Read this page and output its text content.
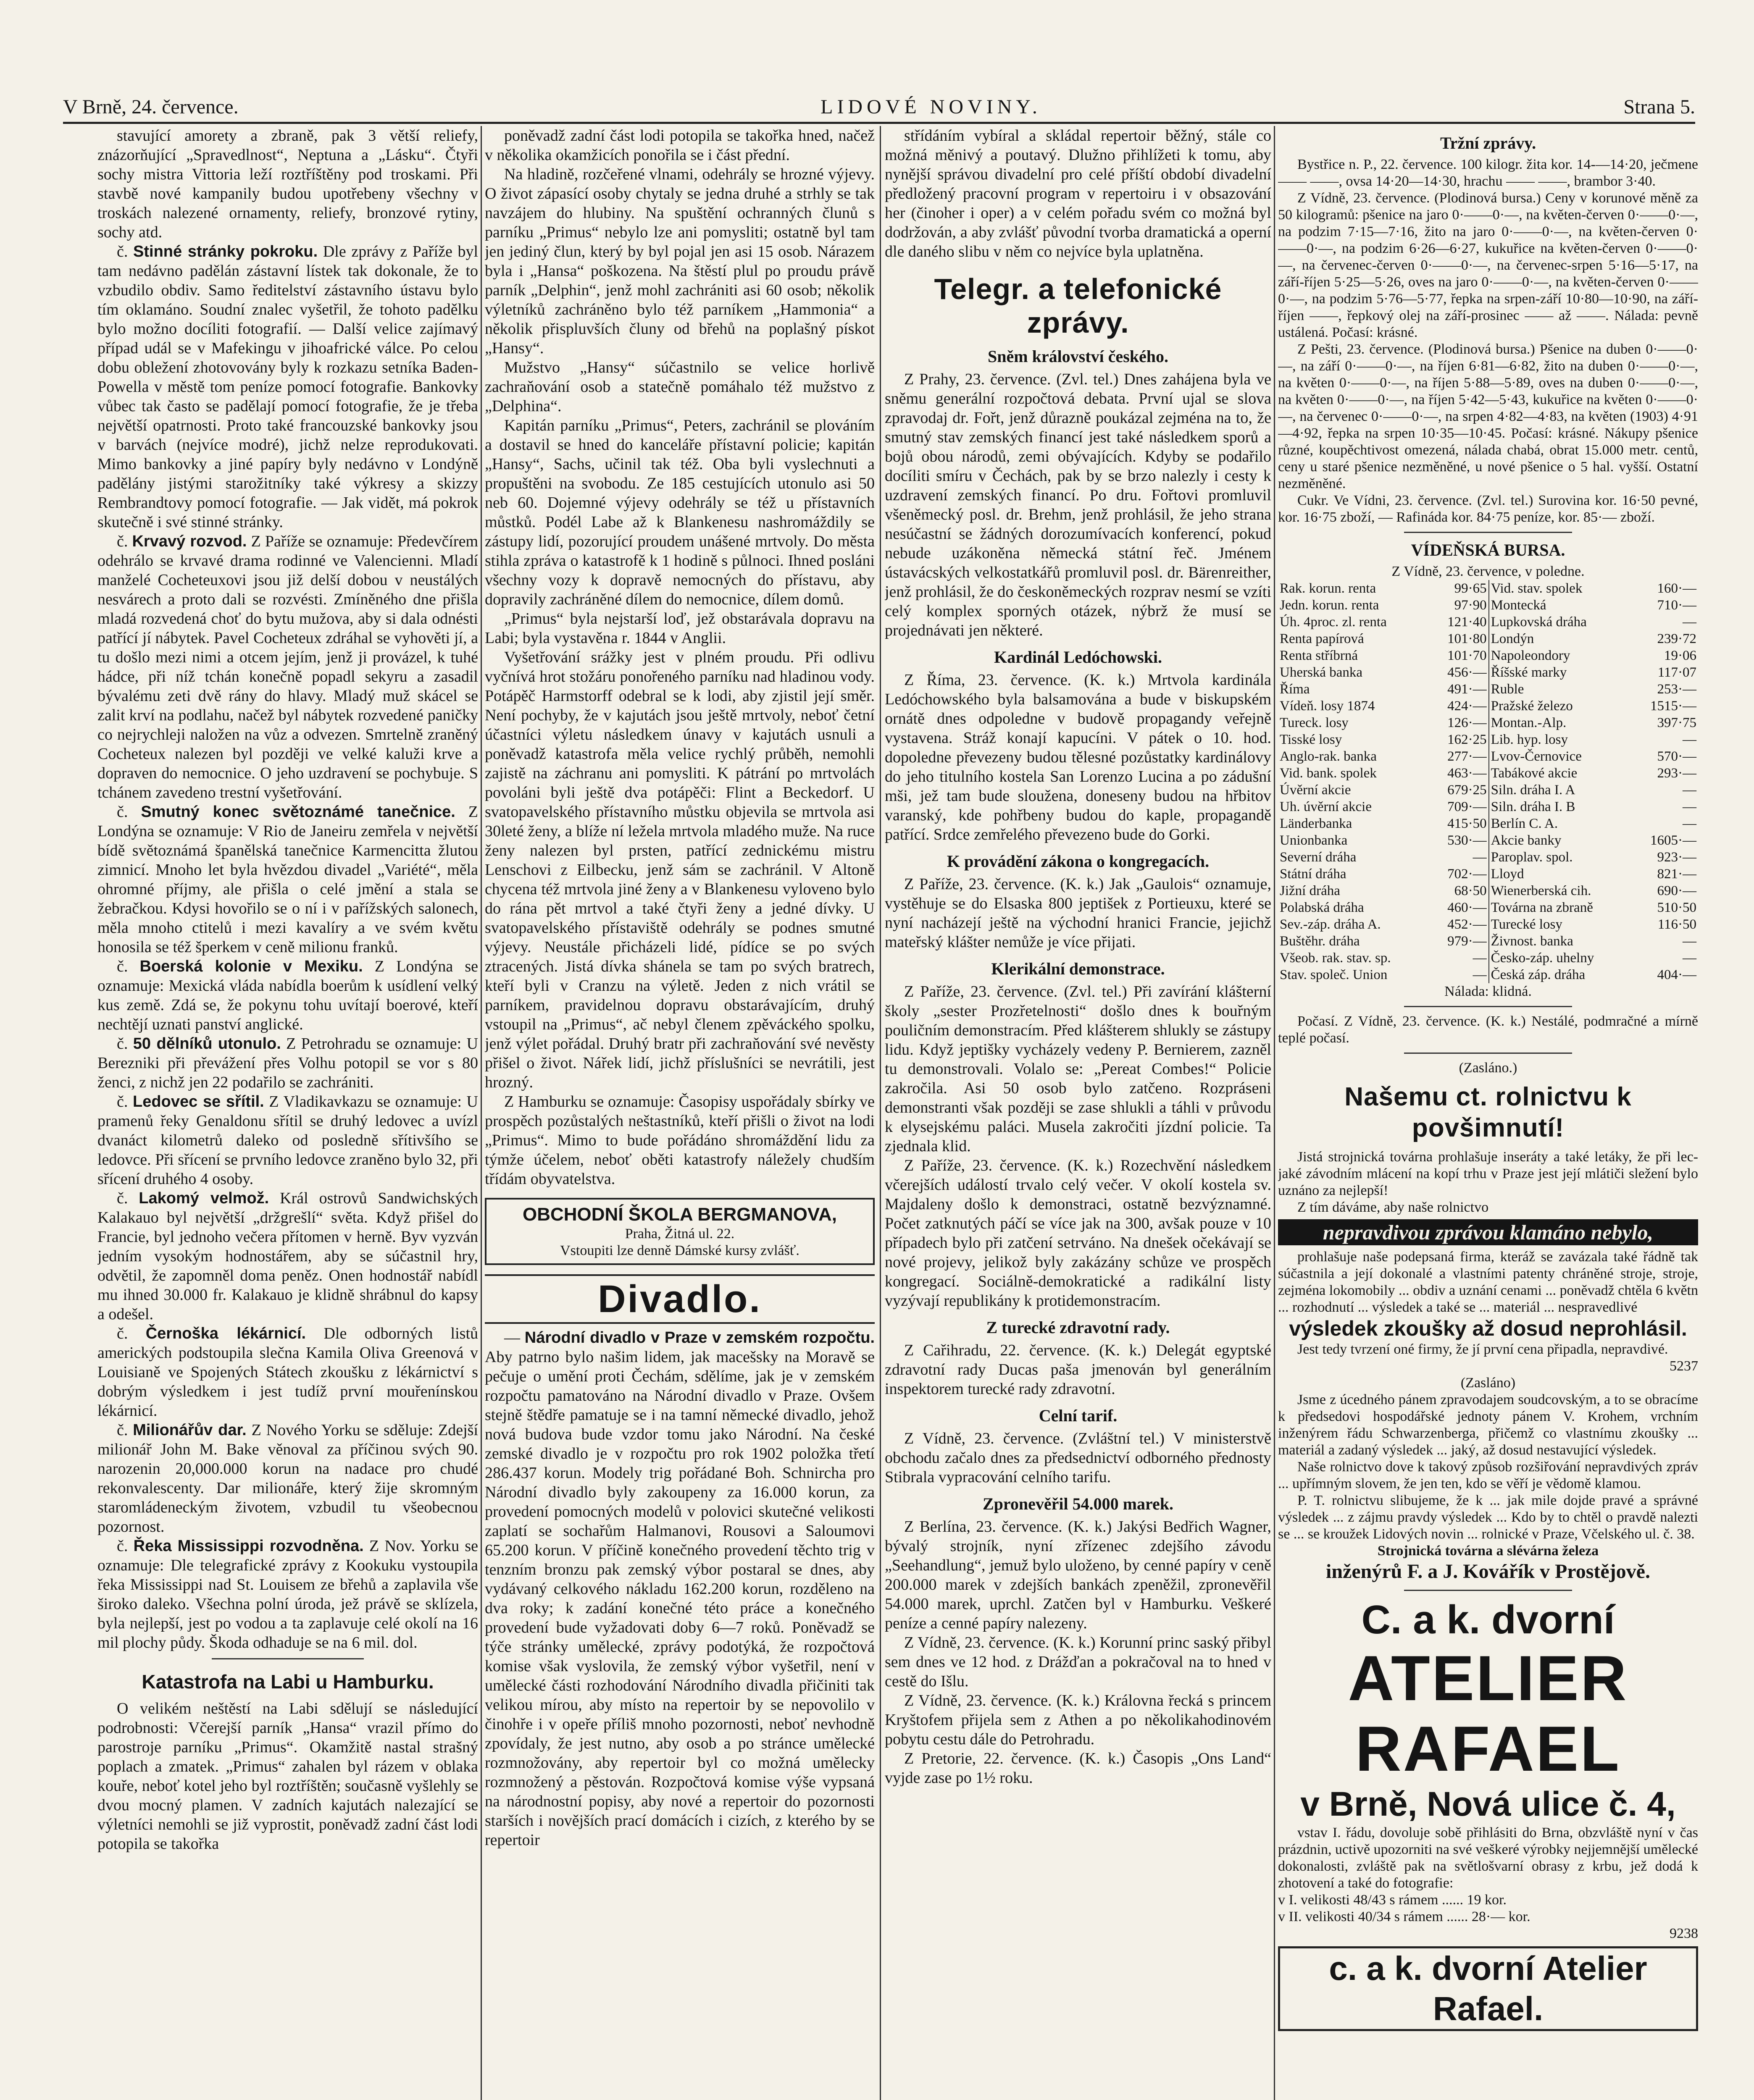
V Brně, 24. července.	LIDOVÉ NOVINY.	Strana 5.

stavující amorety a zbraně, pak 3 větší reliefy, znázorňující „Spravedlnost“, Neptuna a „Lásku“. Čtyři sochy mistra Vittoria leží roztříštěny pod troskami. Při stavbě nové kampanily budou upotřebeny všechny v troskách nalezené ornamenty, reliefy, bronzové rytiny, sochy atd.

č. Stinné stránky pokroku. Dle zprávy z Paříže byl tam nedávno padělán zástavní lístek tak dokonale, že to vzbudilo obdiv. Samo ředitelství zástavního ústavu bylo tím oklamáno. Soudní znalec vyšetřil, že tohoto padělku bylo možno docíliti fotografií. — Další velice zajímavý případ udál se v Mafekingu v jihoafrické válce. Po celou dobu obležení zhotovovány byly k rozkazu setníka Baden-Powella v městě tom peníze pomocí fotografie. Bankovky vůbec tak často se padělají pomocí fotografie, že je třeba největší opatrnosti. Proto také francouzské bankovky jsou v barvách (nejvíce modré), jichž nelze reprodukovati. Mimo bankovky a jiné papíry byly nedávno v Londýně padělány jistými starožitníky také výkresy a skizzy Rembrandtovy pomocí fotografie. — Jak vidět, má pokrok skutečně i své stinné stránky.

č. Krvavý rozvod. Z Paříže se oznamuje: Předevčírem odehrálo se krvavé drama rodinné ve Valencienni. Mladí manželé Cocheteuxovi jsou již delší dobou v neustálých nesvárech a proto dali se rozvésti. Zmíněného dne přišla mladá rozvedená choť do bytu mužova, aby si dala odnésti patřící jí nábytek. Pavel Cocheteux zdráhal se vyhověti jí, a tu došlo mezi nimi a otcem jejím, jenž ji provázel, k tuhé hádce, při níž tchán konečně popadl sekyru a zasadil bývalému zeti dvě rány do hlavy. Mladý muž skácel se zalit krví na podlahu, načež byl nábytek rozvedené paničky co nejrychleji naložen na vůz a odvezen. Smrtelně zraněný Cocheteux nalezen byl později ve velké kaluži krve a dopraven do nemocnice. O jeho uzdravení se pochybuje. S tchánem zavedeno trestní vyšetřování.

č. Smutný konec světoznámé tanečnice. Z Londýna se oznamuje: V Rio de Janeiru zemřela v největší bídě světoznámá španělská tanečnice Karmencitta žlutou zimnicí. Mnoho let byla hvězdou divadel „Variété“, měla ohromné příjmy, ale přišla o celé jmění a stala se žebračkou. Kdysi hovořilo se o ní i v pařížských salonech, měla mnoho ctitelů i mezi kavalíry a ve svém květu honosila se též šperkem v ceně milionu franků.

č. Boerská kolonie v Mexiku. Z Londýna se oznamuje: Mexická vláda nabídla boerům k usídlení velký kus země. Zdá se, že pokynu tohu uvítají boerové, kteří nechtějí uznati panství anglické.

č. 50 dělníků utonulo. Z Petrohradu se oznamuje: U Berezniki při převážení přes Volhu potopil se vor s 80 ženci, z nichž jen 22 podařilo se zachrániti.

č. Ledovec se sřítil. Z Vladikavkazu se oznamuje: U pramenů řeky Genaldonu sřítil se druhý ledovec a uvízl dvanáct kilometrů daleko od posledně sřítivšího se ledovce. Při sřícení se prvního ledovce zraněno bylo 32, při sřícení druhého 4 osoby.

č. Lakomý velmož. Král ostrovů Sandwichských Kalakauo byl největší „držgrešlí“ světa. Když přišel do Francie, byl jednoho večera přítomen v herně. Byv vyzván jedním vysokým hodnostářem, aby se súčastnil hry, odvětil, že zapomněl doma peněz. Onen hodnostář nabídl mu ihned 30.000 fr. Kalakauo je klidně shrábnul do kapsy a odešel.

č. Černoška lékárnicí. Dle odborných listů amerických podstoupila slečna Kamila Oliva Greenová v Louisianě ve Spojených Státech zkoušku z lékárnictví s dobrým výsledkem i jest tudíž první mouřenínskou lékárnicí.

č. Milionářův dar. Z Nového Yorku se sděluje: Zdejší milionář John M. Bake věnoval za příčinou svých 90. narozenin 20,000.000 korun na nadace pro chudé rekonvalescenty. Dar milionáře, který žije skromným staromládeneckým životem, vzbudil tu všeobecnou pozornost.

č. Řeka Mississippi rozvodněna. Z Nov. Yorku se oznamuje: Dle telegrafické zprávy z Kookuku vystoupila řeka Mississippi nad St. Louisem ze břehů a zaplavila vše široko daleko. Všechna polní úroda, jež právě se sklízela, byla nejlepší, jest po vodou a ta zaplavuje celé okolí na 16 mil plochy půdy. Škoda odhaduje se na 6 mil. dol.

Katastrofa na Labi u Hamburku.

O velikém neštěstí na Labi sdělují se následující podrobnosti: Včerejší parník „Hansa“ vrazil přímo do parostroje parníku „Primus“. Okamžitě nastal strašný poplach a zmatek. „Primus“ zahalen byl rázem v oblaka kouře, neboť kotel jeho byl roztříštěn; současně vyšlehly se dvou mocný plamen. V zadních kajutách nalezající se výletníci nemohli se již vyprostit, poněvadž zadní část lodi potopila se takořka

poněvadž zadní část lodi potopila se takořka hned, načež v několika okamžicích ponořila se i část přední.

Na hladině, rozčeřené vlnami, odehrály se hrozné výjevy. O život zápasící osoby chytaly se jedna druhé a strhly se tak navzájem do hlubiny. Na spuštění ochranných člunů s parníku „Primus“ nebylo lze ani pomysliti; ostatně byl tam jen jediný člun, který by byl pojal jen asi 15 osob. Nárazem byla i „Hansa“ poškozena. Na štěstí plul po proudu právě parník „Delphin“, jenž mohl zachrániti asi 60 osob; několik výletníků zachráněno bylo též parníkem „Hammonia“ a několik přispluvších čluny od břehů na poplašný pískot „Hansy“.

Mužstvo „Hansy“ súčastnilo se velice horlivě zachraňování osob a statečně pomáhalo též mužstvo z „Delphina“.

Kapitán parníku „Primus“, Peters, zachránil se plováním a dostavil se hned do kanceláře přístavní policie; kapitán „Hansy“, Sachs, učinil tak též. Oba byli vyslechnuti a propuštěni na svobodu. Ze 185 cestujících utonulo asi 50 neb 60. Dojemné výjevy odehrály se též u přístavních můstků. Podél Labe až k Blankenesu nashromáždily se zástupy lidí, pozorující proudem unášené mrtvoly. Do města stihla zpráva o katastrofě k 1 hodině s půlnoci. Ihned posláni všechny vozy k dopravě nemocných do přístavu, aby dopravily zachráněné dílem do nemocnice, dílem domů.

„Primus“ byla nejstarší loď, jež obstarávala dopravu na Labi; byla vystavěna r. 1844 v Anglii.

Vyšetřování srážky jest v plném proudu. Při odlivu vyčnívá hrot stožáru ponořeného parníku nad hladinou vody. Potápěč Harmstorff odebral se k lodi, aby zjistil její směr. Není pochyby, že v kajutách jsou ještě mrtvoly, neboť četní účastníci výletu následkem únavy v kajutách usnuli a poněvadž katastrofa měla velice rychlý průběh, nemohli zajistě na záchranu ani pomysliti. K pátrání po mrtvolách povoláni byli ještě dva potápěči: Flint a Beckedorf. U svatopavelského přístavního můstku objevila se mrtvola asi 30leté ženy, a blíže ní ležela mrtvola mladého muže. Na ruce ženy nalezen byl prsten, patřící zednickému mistru Lenschovi z Eilbecku, jenž sám se zachránil. V Altoně chycena též mrtvola jiné ženy a v Blankenesu vyloveno bylo do rána pět mrtvol a také čtyři ženy a jedné dívky. U svatopavelského přístaviště odehrály se podnes smutné výjevy. Neustále přicházeli lidé, pídíce se po svých ztracených. Jistá dívka shánela se tam po svých bratrech, kteří byli v Cranzu na výletě. Jeden z nich vrátil se parníkem, pravidelnou dopravu obstarávajícím, druhý vstoupil na „Primus“, ač nebyl členem zpěváckého spolku, jenž výlet pořádal. Druhý bratr při zachraňování své nevěsty přišel o život. Nářek lidí, jichž příslušníci se nevrátili, jest hrozný.

Z Hamburku se oznamuje: Časopisy uspořádaly sbírky ve prospěch pozůstalých neštastníků, kteří přišli o život na lodi „Primus“. Mimo to bude pořádáno shromáždění lidu za týmže účelem, neboť oběti katastrofy náležely chudším třídám obyvatelstva.

OBCHODNÍ ŠKOLA BERGMANOVA,
Praha, Žitná ul. 22.
Vstoupiti lze denně Dámské kursy zvlášť.
Divadlo.

— Národní divadlo v Praze v zemském rozpočtu. Aby patrno bylo našim lidem, jak macešsky na Moravě se pečuje o umění proti Čechám, sdělíme, jak je v zemském rozpočtu pamatováno na Národní divadlo v Praze. Ovšem stejně štědře pamatuje se i na tamní německé divadlo, jehož nová budova bude vzdor tomu jako Národní. Na české zemské divadlo je v rozpočtu pro rok 1902 položka třetí 286.437 korun. Modely trig pořádané Boh. Schnircha pro Národní divadlo byly zakoupeny za 16.000 korun, za provedení pomocných modelů v polovici skutečné velikosti zaplatí se sochařům Halmanovi, Rousovi a Saloumovi 65.200 korun. V příčině konečného provedení těchto trig v tenzním bronzu pak zemský výbor postaral se dnes, aby vydávaný celkového nákladu 162.200 korun, rozděleno na dva roky; k zadání konečné této práce a konečného provedení bude vyžadovati doby 6—7 roků. Poněvadž se týče stránky umělecké, zprávy podotýká, že rozpočtová komise však vyslovila, že zemský výbor vyšetřil, není v umělecké části rozhodování Národního divadla přičiniti tak velikou mírou, aby místo na repertoir by se nepovolilo v činohře i v opeře příliš mnoho pozornosti, neboť nevhodně zpovídaly, že jest nutno, aby osob a po stránce umělecké rozmnožovány, aby repertoir byl co možná umělecky rozmnožený a pěstován. Rozpočtová komise výše vypsaná na národnostní popisy, aby nové a repertoir do pozornosti starších i novějších prací domácích i cizích, z kterého by se repertoir

střídáním vybíral a skládal repertoir běžný, stále co možná měnivý a poutavý. Dlužno přihlížeti k tomu, aby nynější správou divadelní pro celé příští období divadelní předložený pracovní program v repertoiru i v obsazování her (činoher i oper) a v celém pořadu svém co možná byl dodržován, a aby zvlášť původní tvorba dramatická a operní dle daného slibu v něm co nejvíce byla uplatněna.

Telegr. a telefonické zprávy.
Sněm království českého.

Z Prahy, 23. července. (Zvl. tel.) Dnes zahájena byla ve sněmu generální rozpočtová debata. První ujal se slova zpravodaj dr. Fořt, jenž důrazně poukázal zejména na to, že smutný stav zemských financí jest také následkem sporů a bojů obou národů, zemi obývajících. Kdyby se podařilo docíliti smíru v Čechách, pak by se brzo nalezly i cesty k uzdravení zemských financí. Po dru. Fořtovi promluvil všeněmecký posl. dr. Brehm, jenž prohlásil, že jeho strana nesúčastní se žádných dorozumívacích konferencí, pokud nebude uzákoněna německá státní řeč. Jménem ústavácských velkostatkářů promluvil posl. dr. Bärenreither, jenž prohlásil, že do českoněmeckých rozprav nesmí se vzíti celý komplex sporných otázek, nýbrž že musí se projednávati jen některé.

Kardinál Ledóchowski.

Z Říma, 23. července. (K. k.) Mrtvola kardinála Ledóchowského byla balsamována a bude v biskupském ornátě dnes odpoledne v budově propagandy veřejně vystavena. Stráž konají kapucíni. V pátek o 10. hod. dopoledne převezeny budou tělesné pozůstatky kardinálovy do jeho titulního kostela San Lorenzo Lucina a po zádušní mši, jež tam bude sloužena, doneseny budou na hřbitov varanský, kde pohřbeny budou do kaple, propagandě patřící. Srdce zemřelého převezeno bude do Gorki.

K provádění zákona o kongregacích.

Z Paříže, 23. července. (K. k.) Jak „Gaulois“ oznamuje, vystěhuje se do Elsaska 800 jeptišek z Portieuxu, které se nyní nacházejí ještě na východní hranici Francie, jejichž mateřský klášter nemůže je více přijati.

Klerikální demonstrace.

Z Paříže, 23. července. (Zvl. tel.) Při zavírání klášterní školy „sester Prozřetelnosti“ došlo dnes k bouřným pouličním demonstracím. Před klášterem shlukly se zástupy lidu. Když jeptišky vycházely vedeny P. Bernierem, zazněl tu demonstrovali. Volalo se: „Pereat Combes!“ Policie zakročila. Asi 50 osob bylo zatčeno. Rozpráseni demonstranti však později se zase shlukli a táhli v průvodu k elysejskému paláci. Musela zakročiti jízdní policie. Ta zjednala klid.

Z Paříže, 23. července. (K. k.) Rozechvění následkem včerejších událostí trvalo celý večer. V okolí kostela sv. Majdaleny došlo k demonstraci, ostatně bezvýznamné. Počet zatknutých páčí se více jak na 300, avšak pouze v 10 případech bylo při zatčení setrváno. Na dnešek očekávají se nové projevy, jelikož byly zakázány schůze ve prospěch kongregací. Sociálně-demokratické a radikální listy vyzývají republikány k protidemonstracím.

Z turecké zdravotní rady.

Z Cařihradu, 22. července. (K. k.) Delegát egyptské zdravotní rady Ducas paša jmenován byl generálním inspektorem turecké rady zdravotní.

Celní tarif.

Z Vídně, 23. července. (Zvláštní tel.) V ministerstvě obchodu začalo dnes za předsednictví odborného přednosty Stibrala vypracování celního tarifu.

Zpronevěřil 54.000 marek.

Z Berlína, 23. července. (K. k.) Jakýsi Bedřich Wagner, bývalý strojník, nyní zřízenec zdejšího závodu „Seehandlung“, jemuž bylo uloženo, by cenné papíry v ceně 200.000 marek v zdejších bankách zpeněžil, zpronevěřil 54.000 marek, uprchl. Zatčen byl v Hamburku. Veškeré peníze a cenné papíry nalezeny.

Z Vídně, 23. července. (K. k.) Korunní princ saský přibyl sem dnes ve 12 hod. z Drážďan a pokračoval na to hned v cestě do Išlu.

Z Vídně, 23. července. (K. k.) Královna řecká s princem Kryštofem přijela sem z Athen a po několikahodinovém pobytu cestu dále do Petrohradu.

Z Pretorie, 22. července. (K. k.) Časopis „Ons Land“ vyjde zase po 1½ roku.

Tržní zprávy.

Bystřice n. P., 22. července. 100 kilogr. žita kor. 14-—14·20, ječmene —— ——, ovsa 14·20—14·30, hrachu —— ——, brambor 3·40.

Z Vídně, 23. července. (Plodinová bursa.) Ceny v korunové měně za 50 kilogramů: pšenice na jaro 0·——0·—, na květen-červen 0·——0·—, na podzim 7·15—7·16, žito na jaro 0·——0·—, na květen-červen 0·——0·—, na podzim 6·26—6·27, kukuřice na květen-červen 0·——0·—, na červenec-červen 0·——0·—, na červenec-srpen 5·16—5·17, na září-říjen 5·25—5·26, oves na jaro 0·——0·—, na květen-červen 0·——0·—, na podzim 5·76—5·77, řepka na srpen-září 10·80—10·90, na září-říjen ——, řepkový olej na září-prosinec —— až ——. Nálada: pevně ustálená. Počasí: krásné.

Z Pešti, 23. července. (Plodinová bursa.) Pšenice na duben 0·——0·—, na září 0·——0·—, na říjen 6·81—6·82, žito na duben 0·——0·—, na květen 0·——0·—, na říjen 5·88—5·89, oves na duben 0·——0·—, na květen 0·——0·—, na říjen 5·42—5·43, kukuřice na květen 0·——0·—, na červenec 0·——0·—, na srpen 4·82—4·83, na květen (1903) 4·91—4·92, řepka na srpen 10·35—10·45. Počasí: krásné. Nákupy pšenice různé, koupěchtivost omezená, nálada chabá, obrat 15.000 metr. centů, ceny u staré pšenice nezměněné, u nové pšenice o 5 hal. vyšší. Ostatní nezměněné.

Cukr. Ve Vídni, 23. července. (Zvl. tel.) Surovina kor. 16·50 pevné, kor. 16·75 zboží, — Rafináda kor. 84·75 peníze, kor. 85·— zboží.

VÍDEŇSKÁ BURSA.
Z Vídně, 23. července, v poledne.
Rak. korun. renta	99·65	Vid. stav. spolek	160·—
Jedn. korun. renta	97·90	Montecká	710·—
Úh. 4proc. zl. renta	121·40	Lupkovská dráha	—
Renta papírová	101·80	Londýn	239·72
Renta stříbrná	101·70	Napoleondory	19·06
Uherská banka	456·—	Říšské marky	117·07
Říma	491·—	Ruble	253·—
Vídeň. losy 1874	424·—	Pražské železo	1515·—
Tureck. losy	126·—	Montan.-Alp.	397·75
Tisské losy	162·25	Lib. hyp. losy	—
Anglo-rak. banka	277·—	Lvov-Černovice	570·—
Vid. bank. spolek	463·—	Tabákové akcie	293·—
Úvěrní akcie	679·25	Siln. dráha I. A	—
Uh. úvěrní akcie	709·—	Siln. dráha I. B	—
Länderbanka	415·50	Berlín C. A.	—
Unionbanka	530·—	Akcie banky	1605·—
Severní dráha	—	Paroplav. spol.	923·—
Státní dráha	702·—	Lloyd	821·—
Jižní dráha	68·50	Wienerberská cih.	690·—
Polabská dráha	460·—	Továrna na zbraně	510·50
Sev.-záp. dráha A.	452·—	Turecké losy	116·50
Buštěhr. dráha	979·—	Živnost. banka	—
Všeob. rak. stav. sp.	—	Česko-záp. uhelny	—
Stav. společ. Union	—	Česká záp. dráha	404·—
Nálada: klidná.

Počasí. Z Vídně, 23. července. (K. k.) Nestálé, podmračné a mírně teplé počasí.

(Zasláno.)
Našemu ct. rolnictvu k povšimnutí!

Jistá strojnická továrna prohlašuje inseráty a také letáky, že při lec-jaké závodním mlácení na kopí trhu v Praze jest její mlátiči sležení bylo uznáno za nejlepší!

Z tím dáváme, aby naše rolnictvo

nepravdivou zprávou klamáno nebylo,

prohlašuje naše podepsaná firma, kteráž se zavázala také řádně tak súčastnila a její dokonalé a vlastními patenty chráněné stroje, stroje, zejména lokomobily ... obdiv a uznání cenami ... poněvadž chtěla 6 květn ... rozhodnutí ... výsledek a také se ... materiál ... nespravedlivé

výsledek zkoušky až dosud neprohlásil.

Jest tedy tvrzení oné firmy, že jí první cena připadla, nepravdivé.

5237
(Zasláno)

Jsme z úcedného pánem zpravodajem soudcovským, a to se obracíme k předsedovi hospodářské jednoty pánem V. Krohem, vrchním inženýrem řádu Schwarzenberga, přičemž co vlastnímu zkoušky ... materiál a zadaný výsledek ... jaký, až dosud nestavující výsledek.

Naše rolnictvo dove k takový způsob rozšiřování nepravdivých zpráv ... upřímným slovem, že jen ten, kdo se věří je vědomě klamou.

P. T. rolnictvu slibujeme, že k ... jak mile dojde pravé a správné výsledek ... z zájmu pravdy výsledek ... Kdo by to chtěl o pravdě nalezti se ... se kroužek Lidových novin ... rolnické v Praze, Včelského ul. č. 38.

Strojnická továrna a slévárna železa
inženýrů F. a J. Kovářík v Prostějově.
C. a k. dvorní
ATELIER RAFAEL
v Brně, Nová ulice č. 4,

vstav I. řádu, dovoluje sobě přihlásiti do Brna, obzvláště nyní v čas prázdnin, uctivě upozorniti na své veškeré výrobky nejjemnější umělecké dokonalosti, zvláště pak na světlošvarní obrasy z krbu, jež dodá k zhotovení a také do fotografie:

v I. velikosti 48/43 s rámem ...... 19 kor.
v II. velikosti 40/34 s rámem ...... 28·— kor.
9238
c. a k. dvorní Atelier Rafael.
